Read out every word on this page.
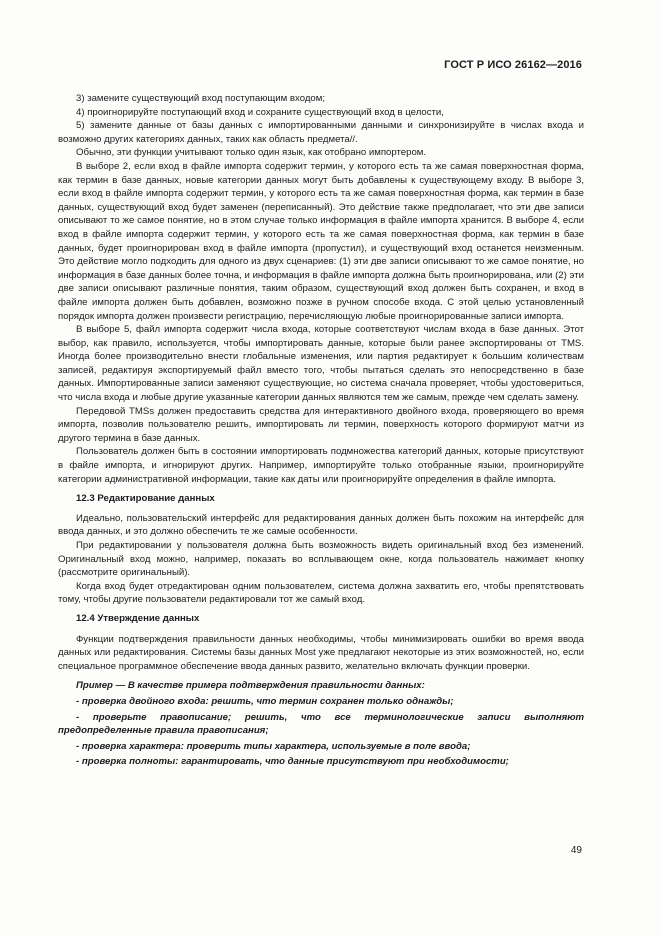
ГОСТ Р ИСО 26162—2016

3) замените существующий вход поступающим входом;

4) проигнорируйте поступающий вход и сохраните существующий вход в целости,

5) замените данные от базы данных с импортированными данными и синхронизируйте в числах входа и возможно других категориях данных, таких как область предмета//.

Обычно, эти функции учитывают только один язык, как отобрано импортером.

В выборе 2, если вход в файле импорта содержит термин, у которого есть та же самая поверхностная форма, как термин в базе данных, новые категории данных могут быть добавлены к существующему входу. В выборе 3, если вход в файле импорта содержит термин, у которого есть та же самая поверхностная форма, как термин в базе данных, существующий вход будет заменен (переписанный). Это действие также предполагает, что эти две записи описывают то же самое понятие, но в этом случае только информация в файле импорта хранится. В выборе 4, если вход в файле импорта содержит термин, у которого есть та же самая поверхностная форма, как термин в базе данных, будет проигнорирован вход в файле импорта (пропустил), и существующий вход останется неизменным. Это действие могло подходить для одного из двух сценариев: (1) эти две записи описывают то же самое понятие, но информация в базе данных более точна, и информация в файле импорта должна быть проигнорирована, или (2) эти две записи описывают различные понятия, таким образом, существующий вход должен быть сохранен, и вход в файле импорта должен быть добавлен, возможно позже в ручном способе входа. С этой целью установленный порядок импорта должен произвести регистрацию, перечисляющую любые проигнорированные записи импорта.

В выборе 5, файл импорта содержит числа входа, которые соответствуют числам входа в базе данных. Этот выбор, как правило, используется, чтобы импортировать данные, которые были ранее экспортированы от TMS. Иногда более производительно внести глобальные изменения, или партия редактирует к большим количествам записей, редактируя экспортируемый файл вместо того, чтобы пытаться сделать это непосредственно в базе данных. Импортированные записи заменяют существующие, но система сначала проверяет, чтобы удостовериться, что числа входа и любые другие указанные категории данных являются тем же самым, прежде чем сделать замену.

Передовой TMSs должен предоставить средства для интерактивного двойного входа, проверяющего во время импорта, позволив пользователю решить, импортировать ли термин, поверхность которого формируют матчи из другого термина в базе данных.

Пользователь должен быть в состоянии импортировать подмножества категорий данных, которые присутствуют в файле импорта, и игнорируют других. Например, импортируйте только отобранные языки, проигнорируйте категории административной информации, такие как даты или проигнорируйте определения в файле импорта.

12.3 Редактирование данных

Идеально, пользовательский интерфейс для редактирования данных должен быть похожим на интерфейс для ввода данных, и это должно обеспечить те же самые особенности.

При редактировании у пользователя должна быть возможность видеть оригинальный вход без изменений. Оригинальный вход можно, например, показать во всплывающем окне, когда пользователь нажимает кнопку (рассмотрите оригинальный).

Когда вход будет отредактирован одним пользователем, система должна захватить его, чтобы препятствовать тому, чтобы другие пользователи редактировали тот же самый вход.

12.4 Утверждение данных

Функции подтверждения правильности данных необходимы, чтобы минимизировать ошибки во время ввода данных или редактирования. Системы базы данных Most уже предлагают некоторые из этих возможностей, но, если специальное программное обеспечение ввода данных развито, желательно включать функции проверки.

Пример — В качестве примера подтверждения правильности данных:

- проверка двойного входа: решить, что термин сохранен только однажды;

- проверьте правописание; решить, что все терминологические записи выполняют предопределенные правила правописания;

- проверка характера: проверить типы характера, используемые в поле ввода;

- проверка полноты: гарантировать, что данные присутствуют при необходимости;

49
